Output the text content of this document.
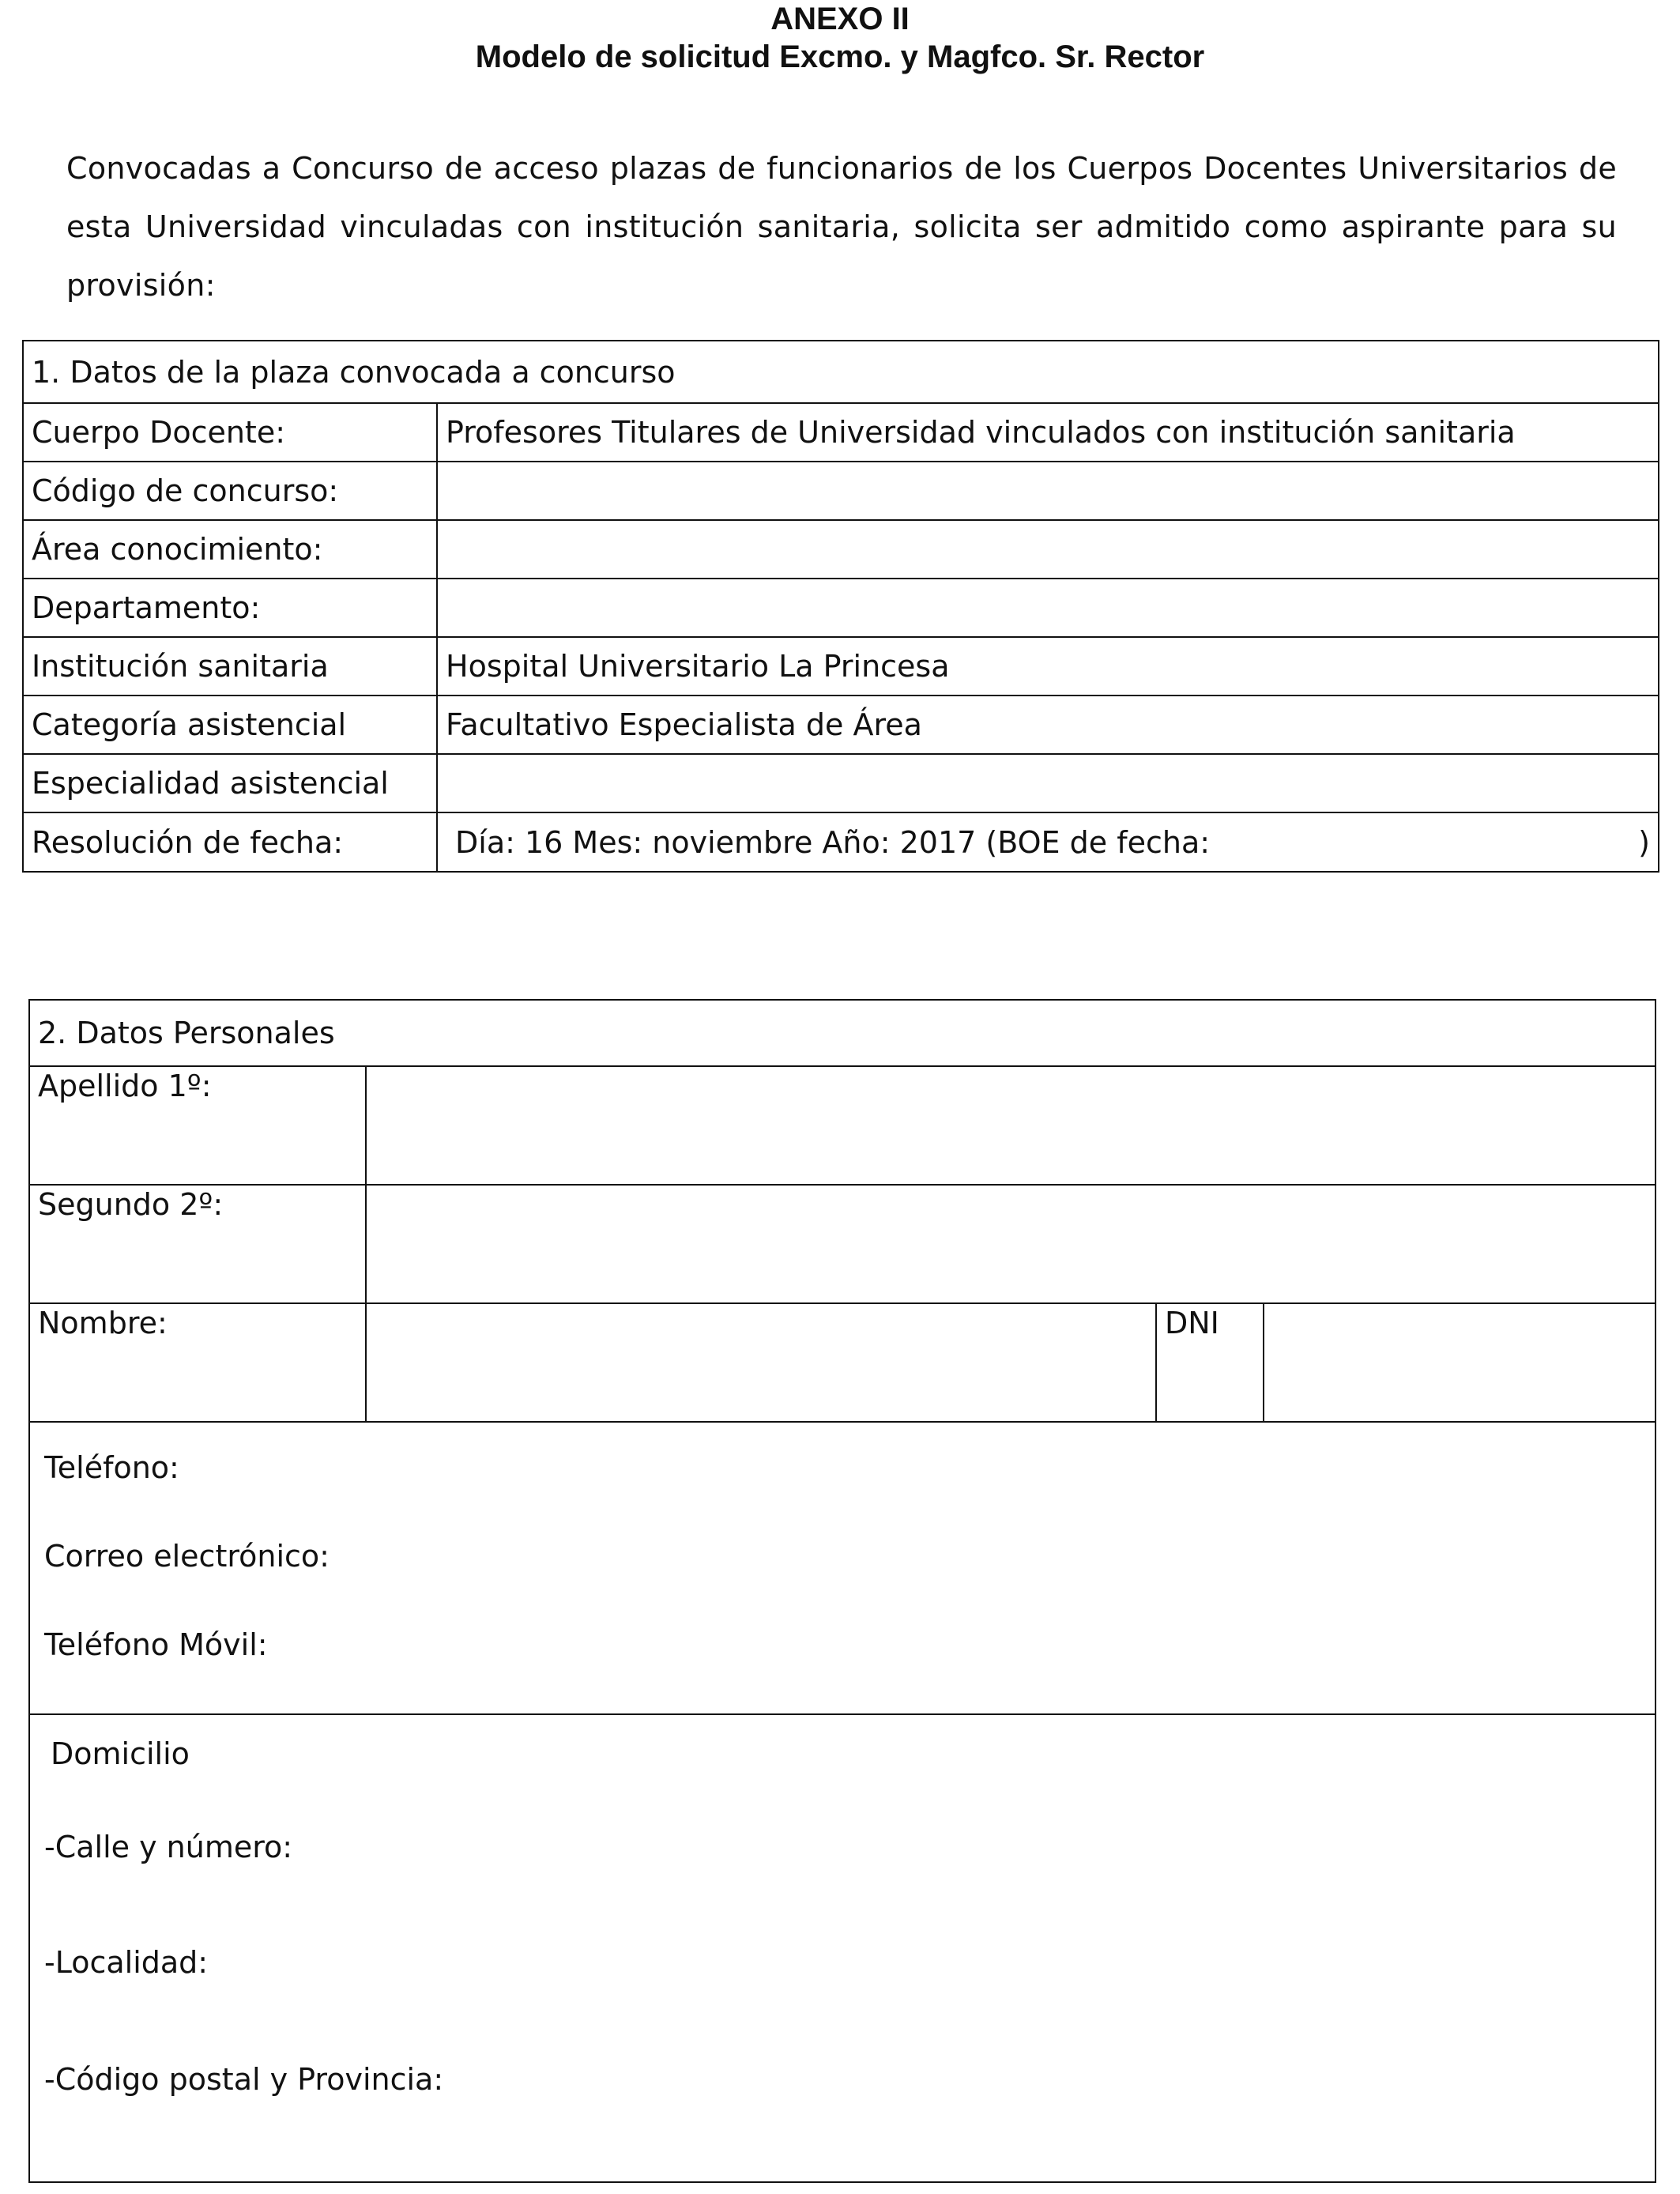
ANEXO II
Modelo de solicitud Excmo. y Magfco. Sr. Rector
Convocadas a Concurso de acceso plazas de funcionarios de los Cuerpos Docentes Universitarios de esta Universidad vinculadas con institución sanitaria, solicita ser admitido como aspirante para su provisión:
1. Datos de la plaza convocada a concurso	
Cuerpo Docente:	Profesores Titulares de Universidad vinculados con institución sanitaria
Código de concurso:	
Área conocimiento:	
Departamento:	
Institución sanitaria	Hospital Universitario La Princesa
Categoría asistencial	Facultativo Especialista de Área
Especialidad asistencial	
Resolución de fecha:	Día: 16 Mes: noviembre Año: 2017 (BOE de fecha: )
2. Datos Personales			
Apellido 1º:			
Segundo 2º:			
Nombre:		DNI	

Teléfono:
Correo electrónico:
Teléfono Móvil:			

Domicilio
-Calle y número:
-Localidad:
-Código postal y Provincia:			
